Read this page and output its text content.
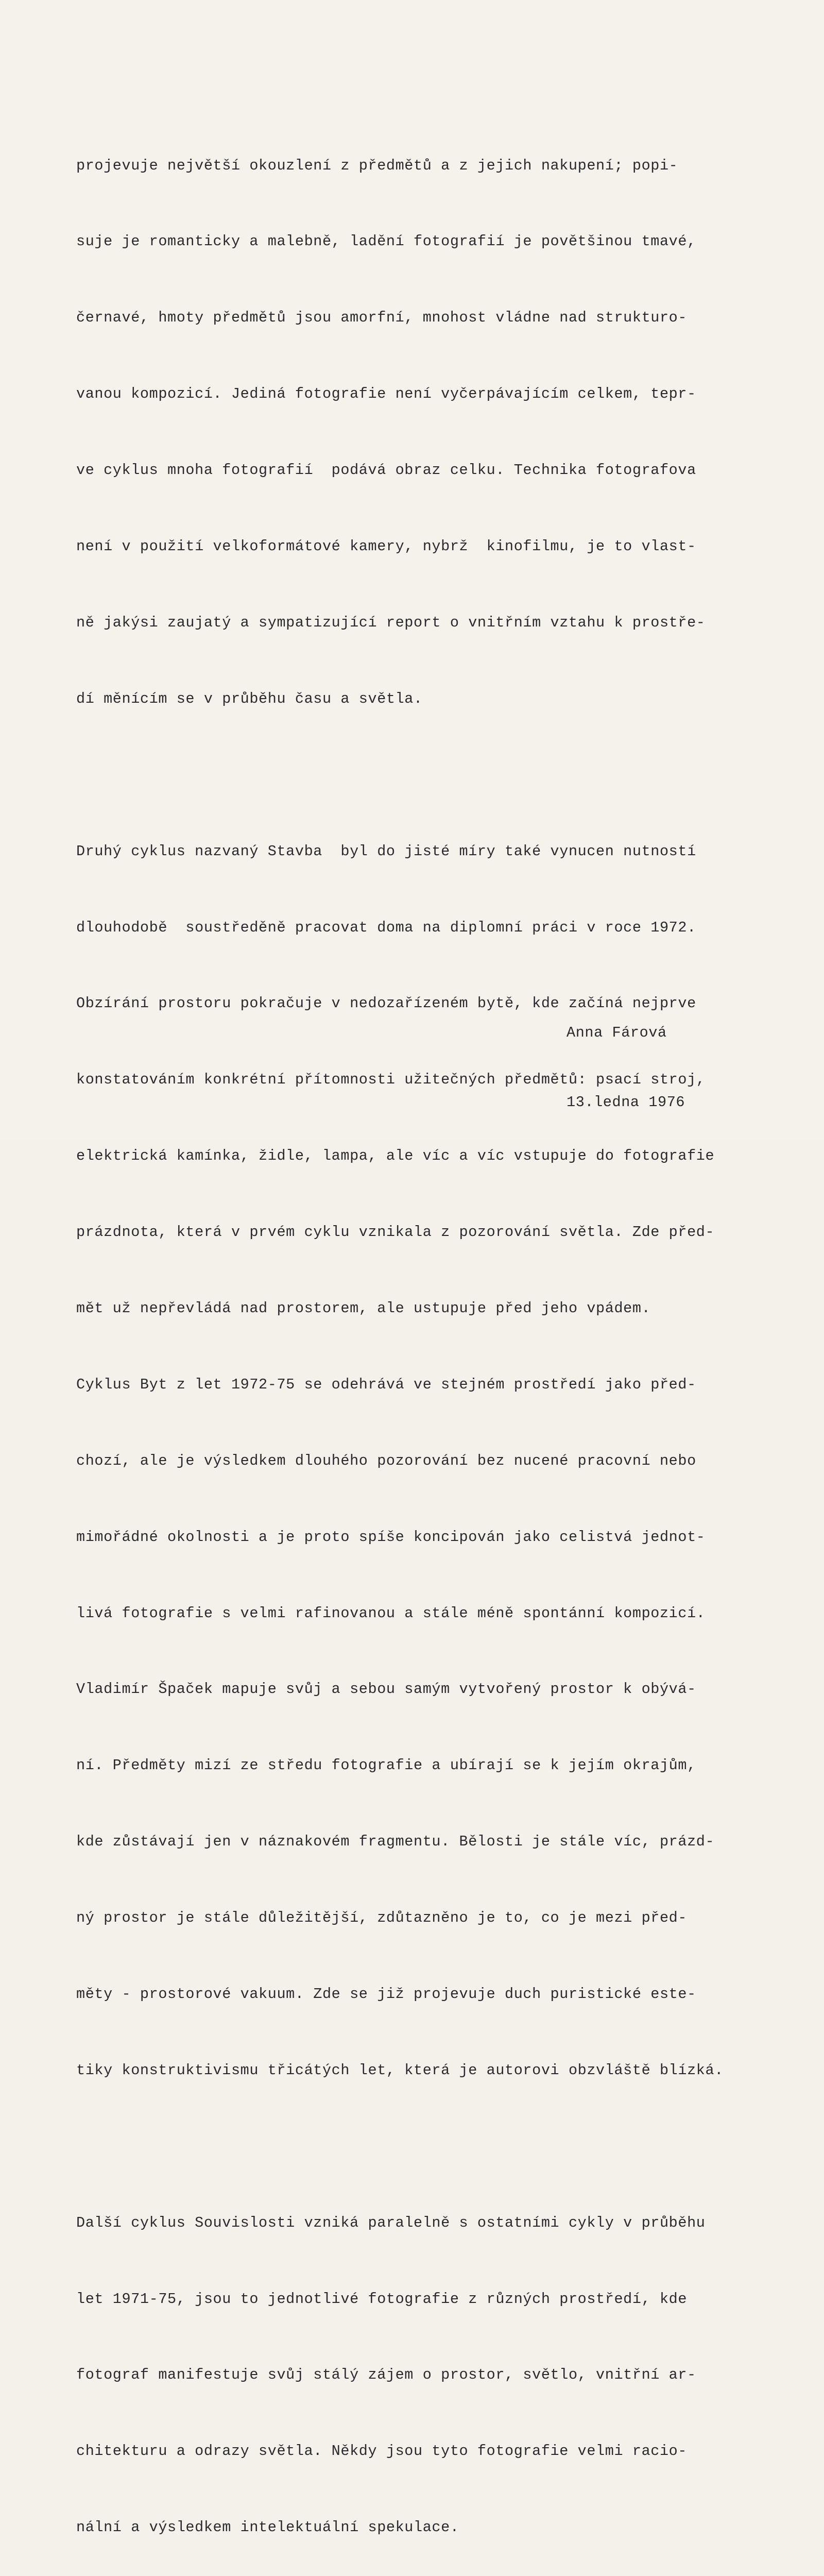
projevuje největší okouzlení z předmětů a z jejich nakupení; popi-

suje je romanticky a malebně, ladění fotografií je povětšinou tmavé,

černavé, hmoty předmětů jsou amorfní, mnohost vládne nad strukturo-

vanou kompozicí. Jediná fotografie není vyčerpávajícím celkem, tepr-

ve cyklus mnoha fotografií  podává obraz celku. Technika fotografova

není v použití velkoformátové kamery, nybrž  kinofilmu, je to vlast-

ně jakýsi zaujatý a sympatizující report o vnitřním vztahu k prostře-

dí měnícím se v průběhu času a světla.

Druhý cyklus nazvaný Stavba  byl do jisté míry také vynucen nutností

dlouhodobě  soustředěně pracovat doma na diplomní práci v roce 1972.

Obzírání prostoru pokračuje v nedozařízeném bytě, kde začíná nejprve

konstatováním konkrétní přítomnosti užitečných předmětů: psací stroj,

elektrická kamínka, židle, lampa, ale víc a víc vstupuje do fotografie

prázdnota, která v prvém cyklu vznikala z pozorování světla. Zde před-

mět už nepřevládá nad prostorem, ale ustupuje před jeho vpádem.

Cyklus Byt z let 1972-75 se odehrává ve stejném prostředí jako před-

chozí, ale je výsledkem dlouhého pozorování bez nucené pracovní nebo

mimořádné okolnosti a je proto spíše koncipován jako celistvá jednot-

livá fotografie s velmi rafinovanou a stále méně spontánní kompozicí.

Vladimír Špaček mapuje svůj a sebou samým vytvořený prostor k obývá-

ní. Předměty mizí ze středu fotografie a ubírají se k jejím okrajům,

kde zůstávají jen v náznakovém fragmentu. Bělosti je stále víc, prázd-

ný prostor je stále důležitější, zdůtazněno je to, co je mezi před-

měty - prostorové vakuum. Zde se již projevuje duch puristické este-

tiky konstruktivismu třicátých let, která je autorovi obzvláště blízká.

Další cyklus Souvislosti vzniká paralelně s ostatními cykly v průběhu

let 1971-75, jsou to jednotlivé fotografie z různých prostředí, kde

fotograf manifestuje svůj stálý zájem o prostor, světlo, vnitřní ar-

chitekturu a odrazy světla. Někdy jsou tyto fotografie velmi racio-

nální a výsledkem intelektuální spekulace.

Anna Fárová

13.ledna 1976
